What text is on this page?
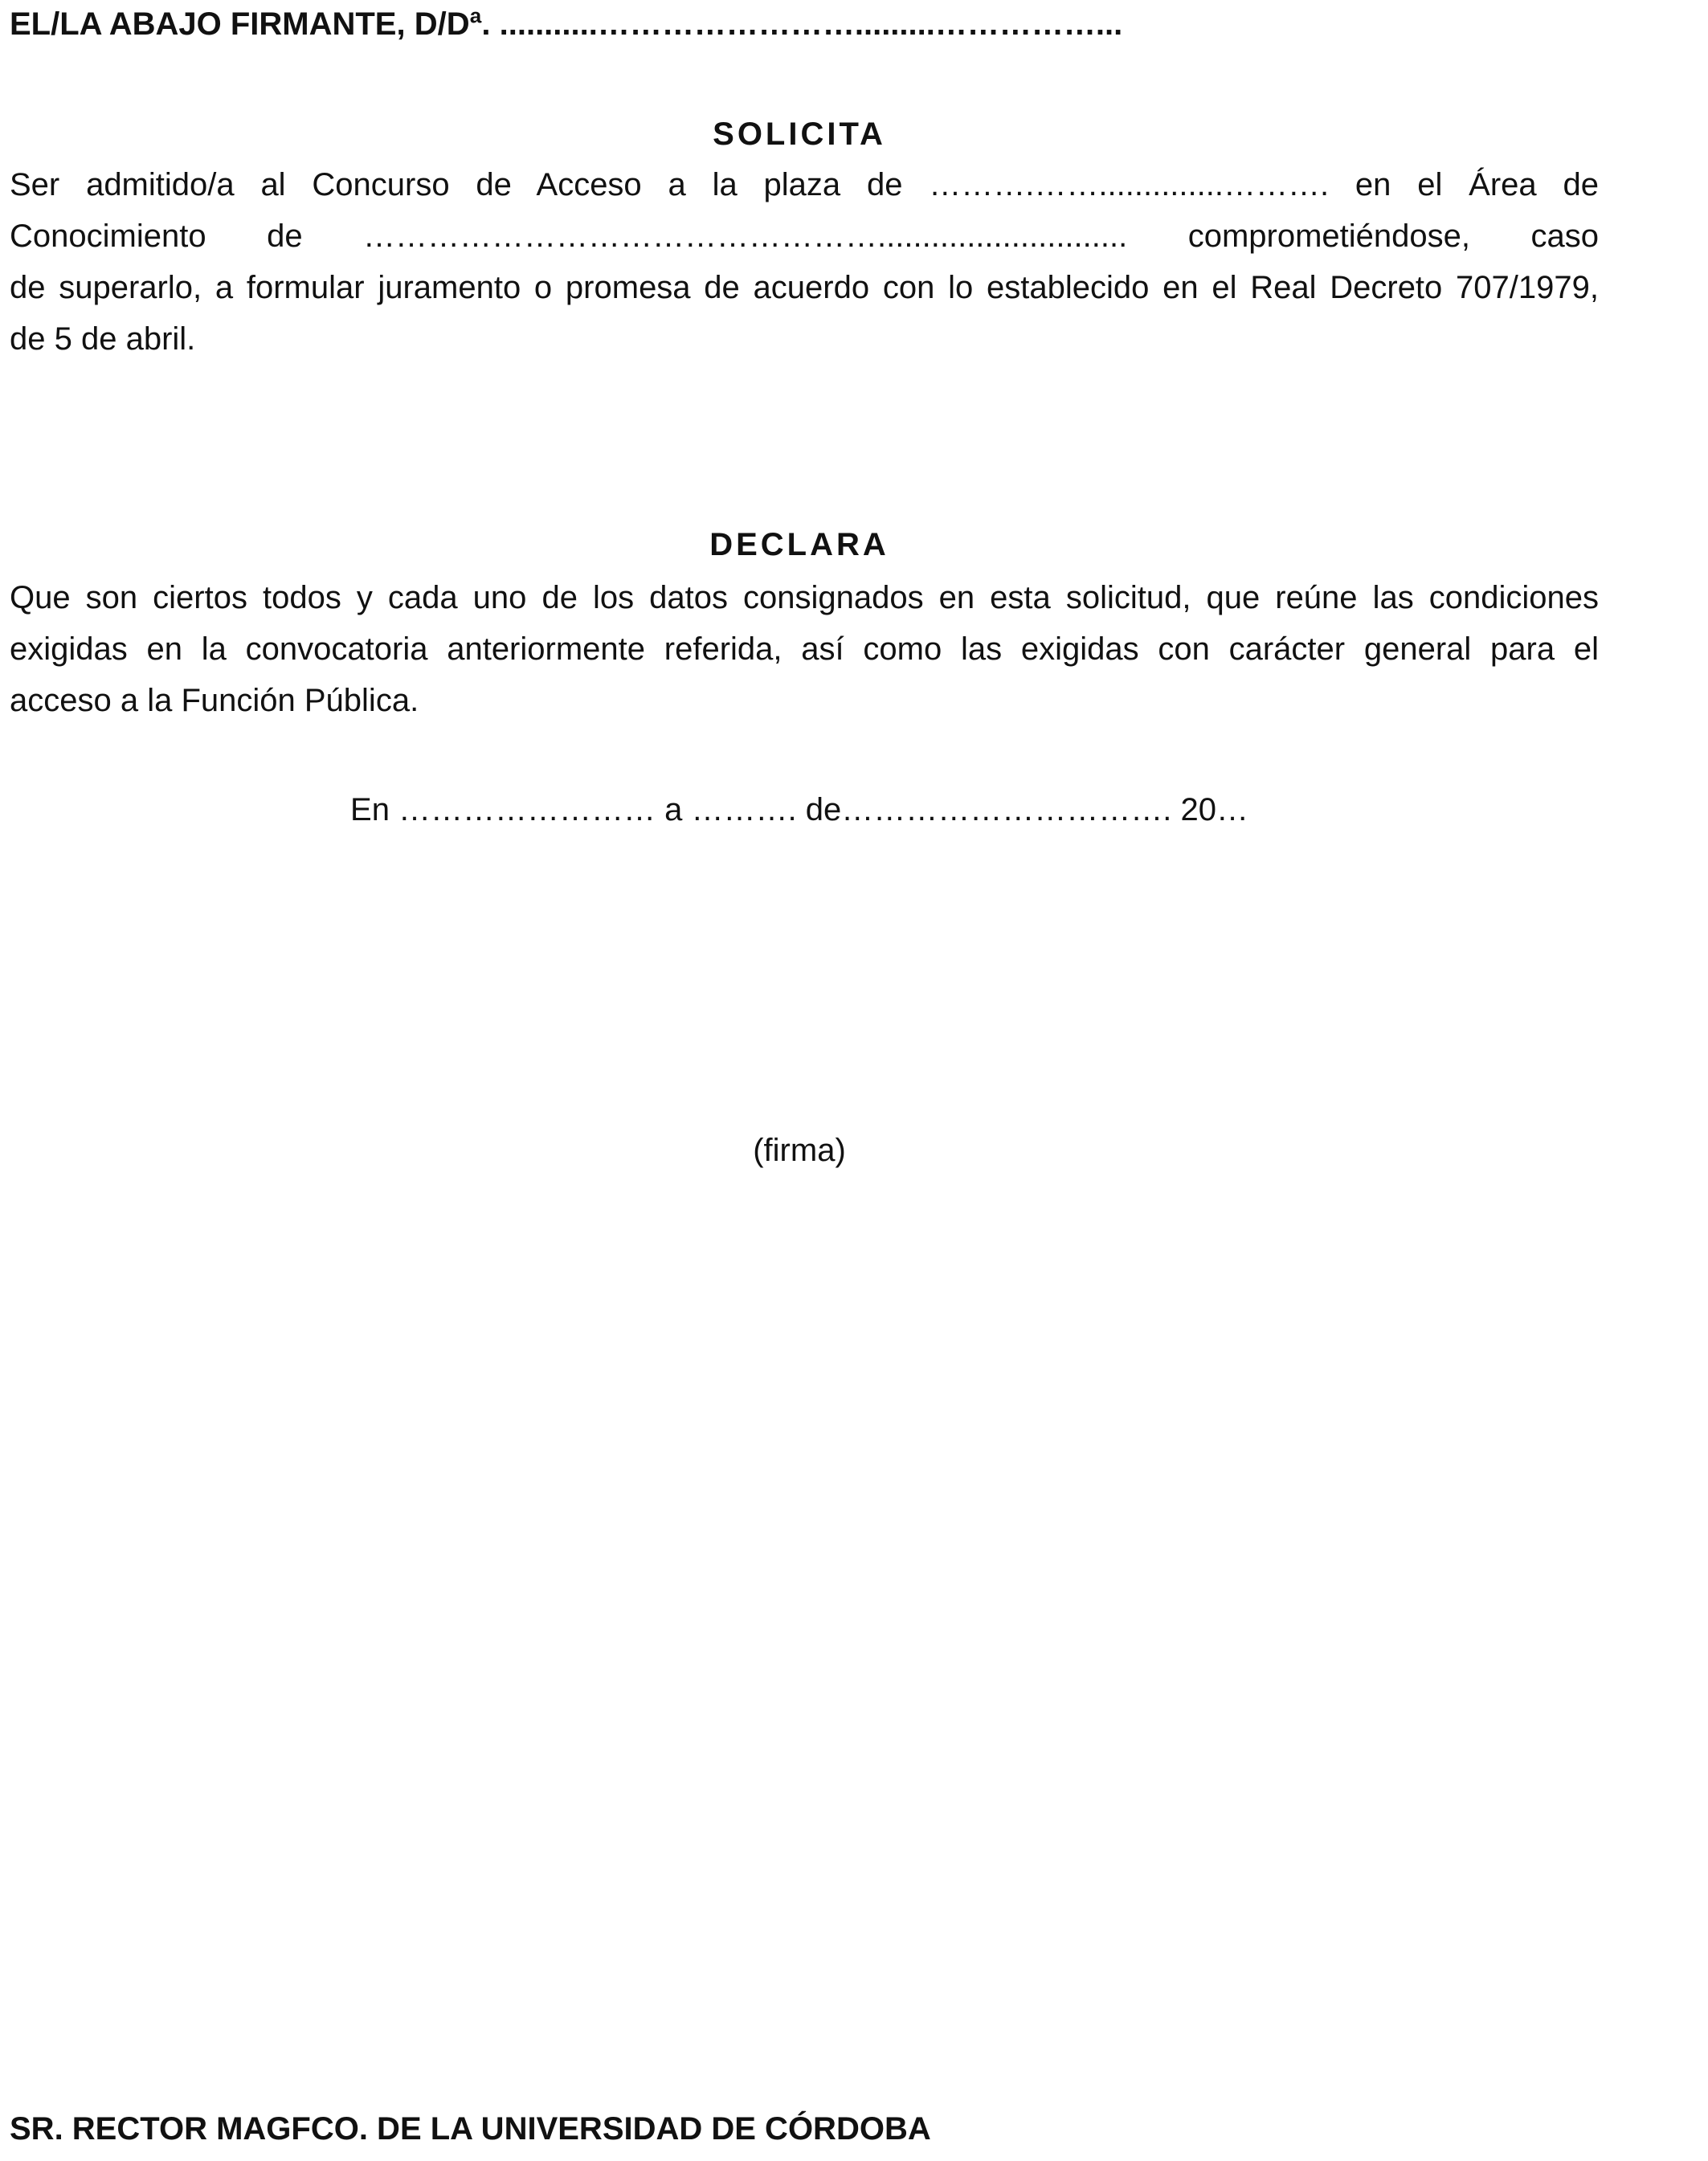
EL/LA ABAJO FIRMANTE, D/Dª. ...........…………………….........……………...
SOLICITA
Ser admitido/a al Concurso de Acceso a la plaza de ……….……..............………. en el Área de
Conocimiento de …………………………………………............................ comprometiéndose, caso
de superarlo, a formular juramento o promesa de acuerdo con lo establecido en el Real Decreto 707/1979,
de 5 de abril.
DECLARA
Que son ciertos todos y cada uno de los datos consignados en esta solicitud, que reúne las condiciones
exigidas en la convocatoria anteriormente referida, así como las exigidas con carácter general para el
acceso a la Función Pública.
En …………………… a ………. de…………………………. 20…
(firma)
SR. RECTOR MAGFCO. DE LA UNIVERSIDAD DE CÓRDOBA
